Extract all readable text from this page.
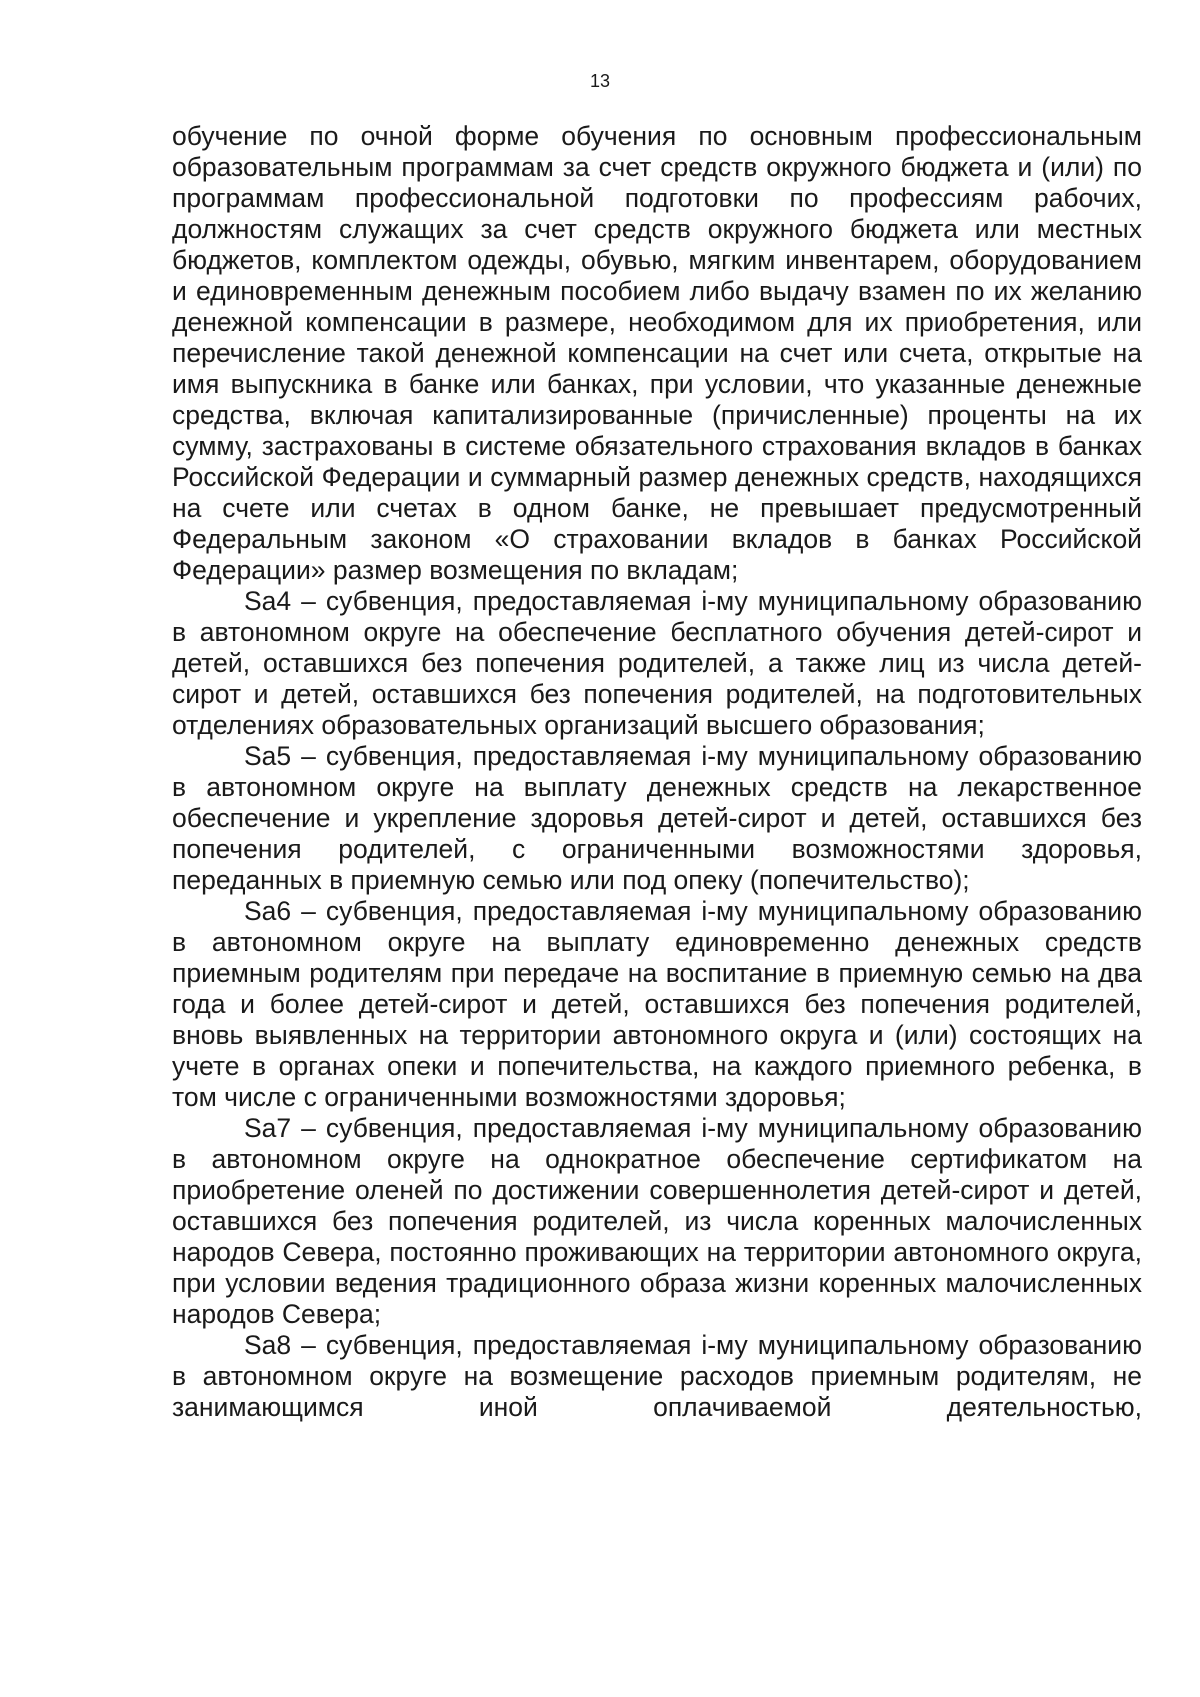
13

обучение по очной форме обучения по основным профессиональным образовательным программам за счет средств окружного бюджета и (или) по программам профессиональной подготовки по профессиям рабочих, должностям служащих за счет средств окружного бюджета или местных бюджетов, комплектом одежды, обувью, мягким инвентарем, оборудованием и единовременным денежным пособием либо выдачу взамен по их желанию денежной компенсации в размере, необходимом для их приобретения, или перечисление такой денежной компенсации на счет или счета, открытые на имя выпускника в банке или банках, при условии, что указанные денежные средства, включая капитализированные (причисленные) проценты на их сумму, застрахованы в системе обязательного страхования вкладов в банках Российской Федерации и суммарный размер денежных средств, находящихся на счете или счетах в одном банке, не превышает предусмотренный Федеральным законом «О страховании вкладов в банках Российской Федерации» размер возмещения по вкладам;

Sa4 – субвенция, предоставляемая i-му муниципальному образованию в автономном округе на обеспечение бесплатного обучения детей-сирот и детей, оставшихся без попечения родителей, а также лиц из числа детей-сирот и детей, оставшихся без попечения родителей, на подготовительных отделениях образовательных организаций высшего образования;

Sa5 – субвенция, предоставляемая i-му муниципальному образованию в автономном округе на выплату денежных средств на лекарственное обеспечение и укрепление здоровья детей-сирот и детей, оставшихся без попечения родителей, с ограниченными возможностями здоровья, переданных в приемную семью или под опеку (попечительство);

Sa6 – субвенция, предоставляемая i-му муниципальному образованию в автономном округе на выплату единовременно денежных средств приемным родителям при передаче на воспитание в приемную семью на два года и более детей-сирот и детей, оставшихся без попечения родителей, вновь выявленных на территории автономного округа и (или) состоящих на учете в органах опеки и попечительства, на каждого приемного ребенка, в том числе с ограниченными возможностями здоровья;

Sa7 – субвенция, предоставляемая i-му муниципальному образованию в автономном округе на однократное обеспечение сертификатом на приобретение оленей по достижении совершеннолетия детей-сирот и детей, оставшихся без попечения родителей, из числа коренных малочисленных народов Севера, постоянно проживающих на территории автономного округа, при условии ведения традиционного образа жизни коренных малочисленных народов Севера;

Sa8 – субвенция, предоставляемая i-му муниципальному образованию в автономном округе на возмещение расходов приемным родителям, не занимающимся иной оплачиваемой деятельностью,
